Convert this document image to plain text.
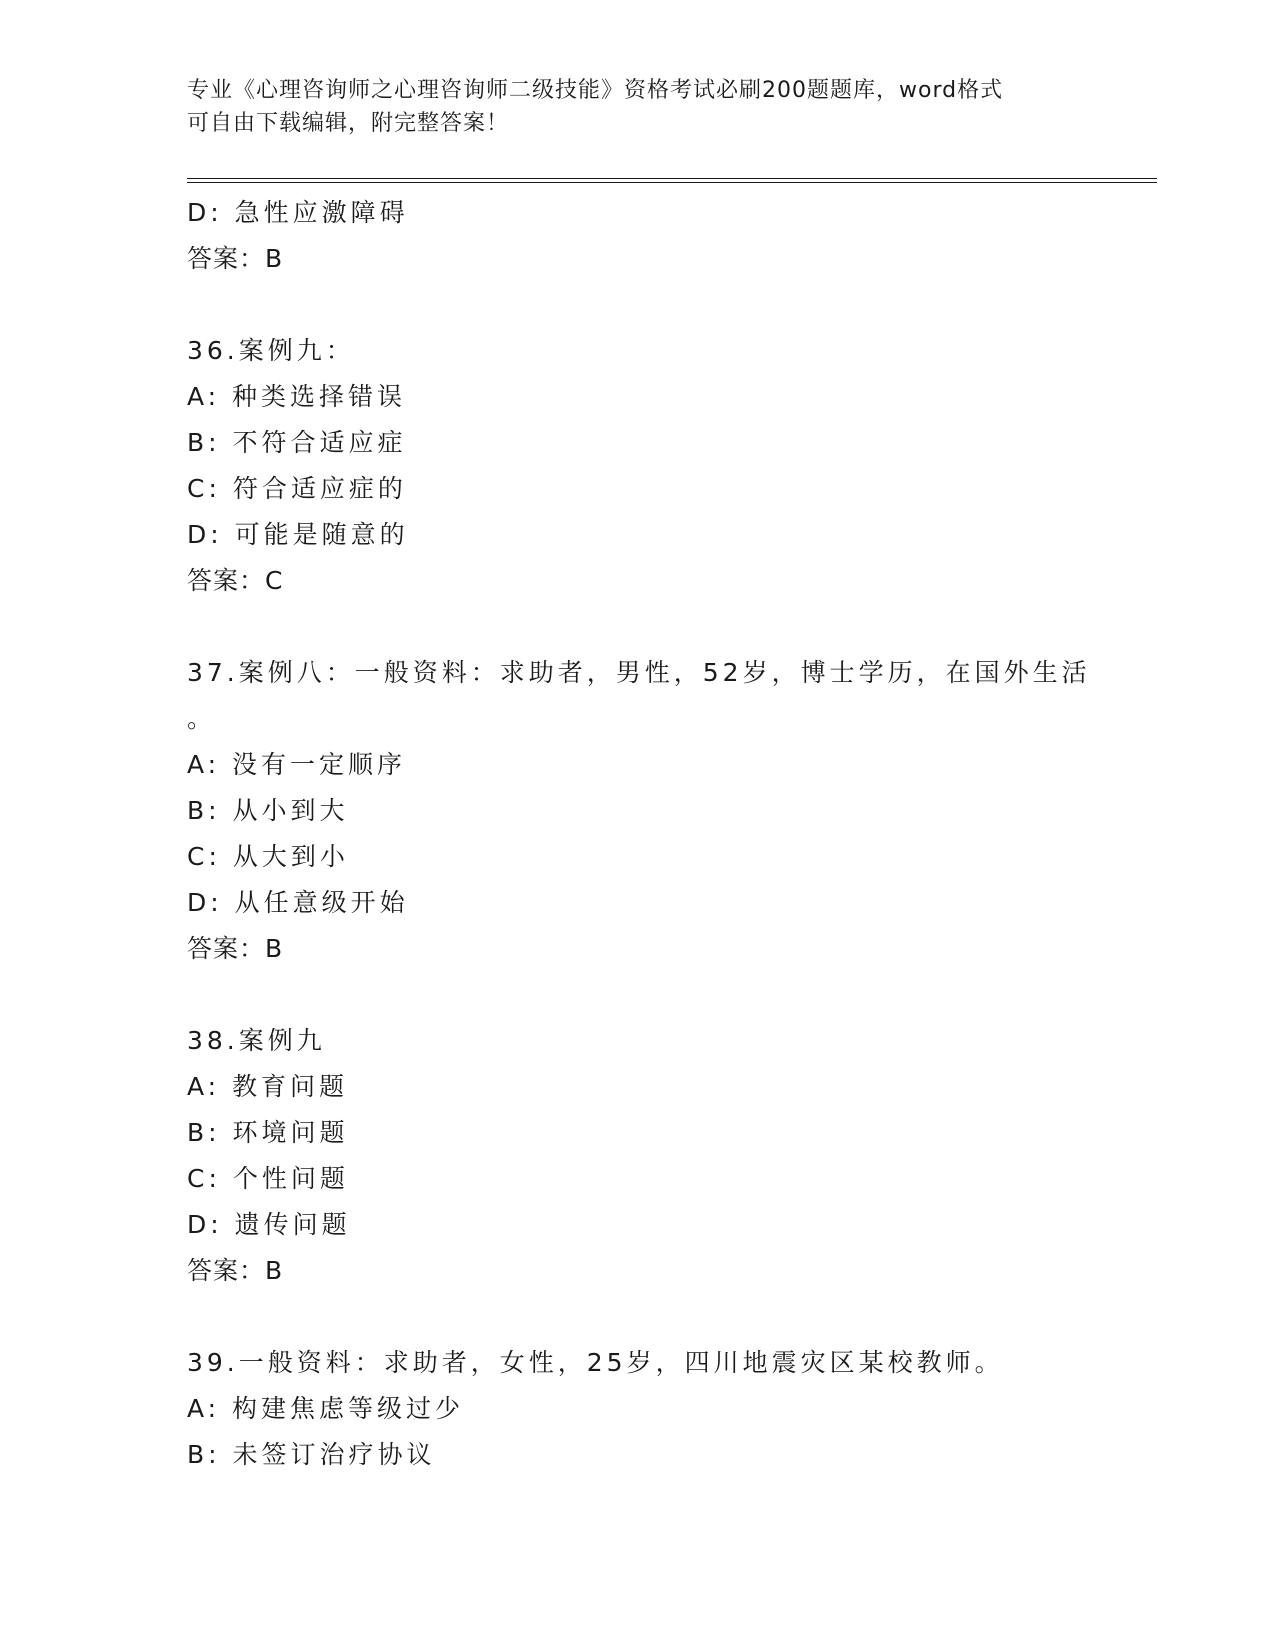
专业《心理咨询师之心理咨询师二级技能》资格考试必刷200题题库，word格式
可自由下载编辑，附完整答案！
D: 急性应激障碍
答案：B
36.案例九：
A: 种类选择错误
B: 不符合适应症
C: 符合适应症的
D: 可能是随意的
答案：C
37.案例八：一般资料：求助者，男性，52岁，博士学历，在国外生活
。
A: 没有一定顺序
B: 从小到大
C: 从大到小
D: 从任意级开始
答案：B
38.案例九
A: 教育问题
B: 环境问题
C: 个性问题
D: 遗传问题
答案：B
39.一般资料：求助者，女性，25岁，四川地震灾区某校教师。
A: 构建焦虑等级过少
B: 未签订治疗协议
